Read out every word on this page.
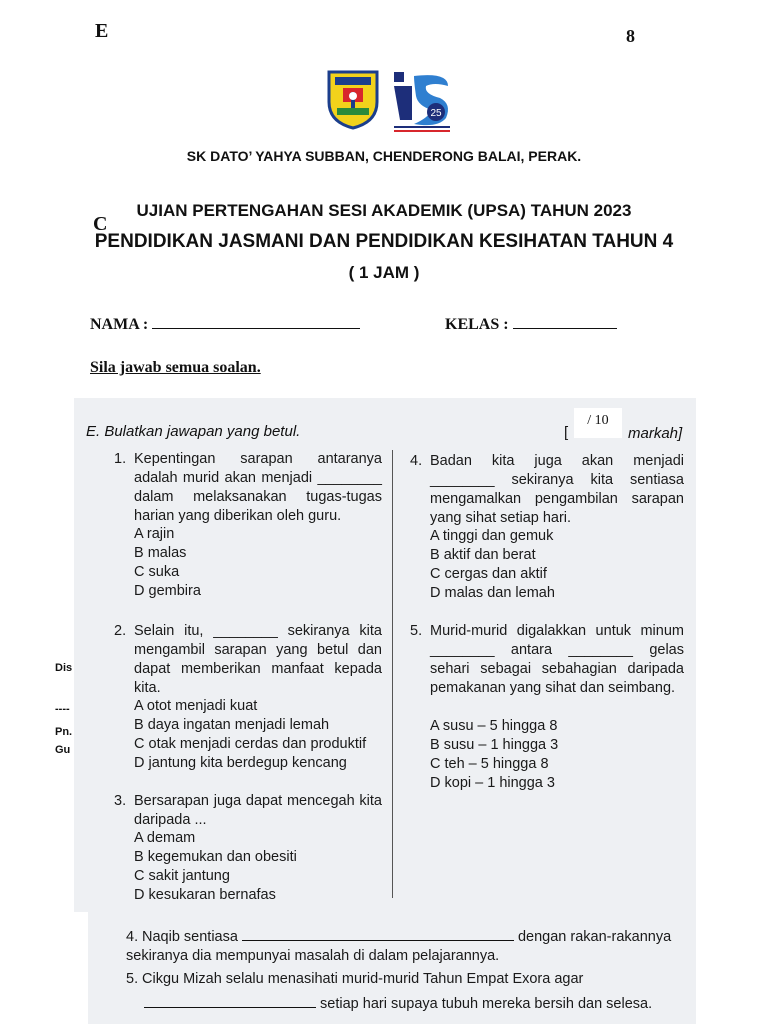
E	8
25
SK DATO’ YAHYA SUBBAN, CHENDERONG BALAI, PERAK.
UJIAN PERTENGAHAN SESI AKADEMIK (UPSA) TAHUN 2023
C
PENDIDIKAN JASMANI DAN PENDIDIKAN KESIHATAN TAHUN 4
( 1 JAM )
NAMA :	KELAS :
Sila jawab semua soalan.
Dis
----
Pn.
Gu
E. Bulatkan jawapan yang betul.	[
/ 10
markah]
1. Kepentingan sarapan antaranya adalah murid akan menjadi ________ dalam melaksanakan tugas-tugas harian yang diberikan oleh guru.
A rajin
B malas
C suka
D gembira
2. Selain itu, ________ sekiranya kita mengambil sarapan yang betul dan dapat memberikan manfaat kepada kita.
A otot menjadi kuat
B daya ingatan menjadi lemah
C otak menjadi cerdas dan produktif
D jantung kita berdegup kencang
3. Bersarapan juga dapat mencegah kita daripada ...
A demam
B kegemukan dan obesiti
C sakit jantung
D kesukaran bernafas
4. Badan kita juga akan menjadi ________ sekiranya kita sentiasa mengamalkan pengambilan sarapan yang sihat setiap hari.
A tinggi dan gemuk
B aktif dan berat
C cergas dan aktif
D malas dan lemah
5. Murid-murid digalakkan untuk minum ________ antara ________ gelas sehari sebagai sebahagian daripada pemakanan yang sihat dan seimbang.
A susu – 5 hingga 8
B susu – 1 hingga 3
C teh – 5 hingga 8
D kopi – 1 hingga 3
4. Naqib sentiasa	dengan rakan-rakannya
sekiranya dia mempunyai masalah di dalam pelajarannya.
5. Cikgu Mizah selalu menasihati murid-murid Tahun Empat Exora agar
setiap hari supaya tubuh mereka bersih dan selesa.
